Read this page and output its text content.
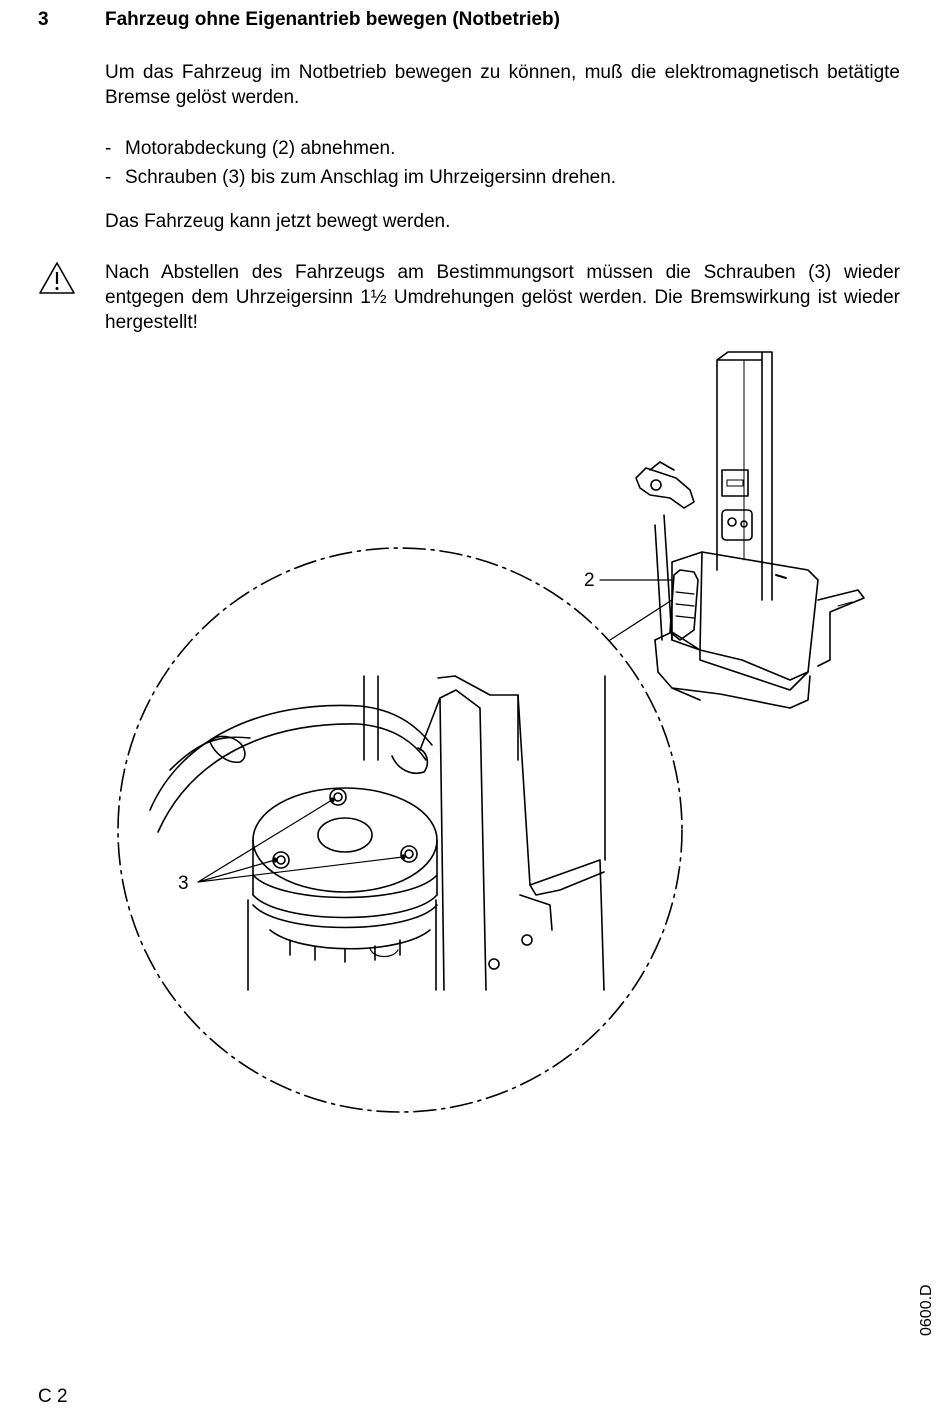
3	Fahrzeug ohne Eigenantrieb bewegen (Notbetrieb)
Um das Fahrzeug im Notbetrieb bewegen zu können, muß die elektromagnetisch betätigte Bremse gelöst werden.
- Motorabdeckung (2) abnehmen.
- Schrauben (3) bis zum Anschlag im Uhrzeigersinn drehen.
Das Fahrzeug kann jetzt bewegt werden.
Nach Abstellen des Fahrzeugs am Bestimmungsort müssen die Schrauben (3) wieder entgegen dem Uhrzeigersinn 1½ Umdrehungen gelöst werden. Die Bremswirkung ist wieder hergestellt!
2
3
0600.D
C 2
